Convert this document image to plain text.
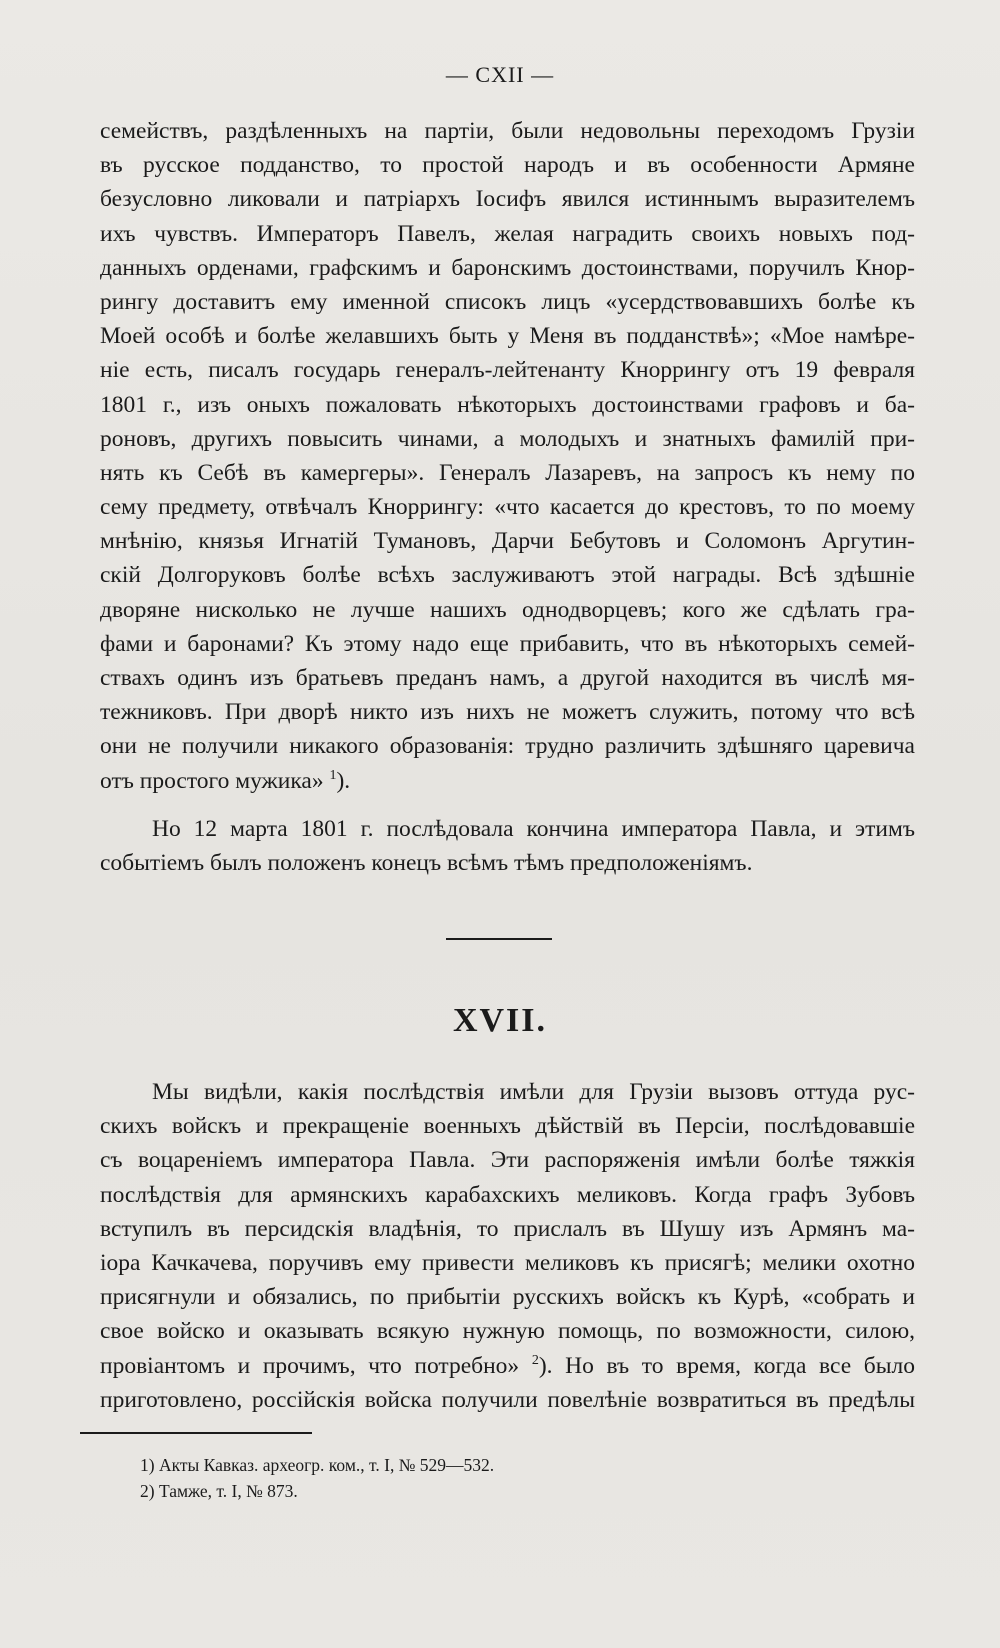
— CXII —
семействъ, раздѣленныхъ на партіи, были недовольны переходомъ Грузіи
въ русское подданство, то простой народъ и въ особенности Армяне
безусловно ликовали и патріархъ Іосифъ явился истиннымъ выразителемъ
ихъ чувствъ. Императоръ Павелъ, желая наградить своихъ новыхъ под-
данныхъ орденами, графскимъ и баронскимъ достоинствами, поручилъ Кнор-
рингу доставитъ ему именной списокъ лицъ «усердствовавшихъ болѣе къ
Моей особѣ и болѣе желавшихъ быть у Меня въ подданствѣ»; «Мое намѣре-
ніе есть, писалъ государь генералъ-лейтенанту Кноррингу отъ 19 февраля
1801 г., изъ оныхъ пожаловать нѣкоторыхъ достоинствами графовъ и ба-
роновъ, другихъ повысить чинами, а молодыхъ и знатныхъ фамилій при-
нять къ Себѣ въ камергеры». Генералъ Лазаревъ, на запросъ къ нему по
сему предмету, отвѣчалъ Кноррингу: «что касается до крестовъ, то по моему
мнѣнію, князья Игнатій Тумановъ, Дарчи Бебутовъ и Соломонъ Аргутин-
скій Долгоруковъ болѣе всѣхъ заслуживаютъ этой награды. Всѣ здѣшніе
дворяне нисколько не лучше нашихъ однодворцевъ; кого же сдѣлать гра-
фами и баронами? Къ этому надо еще прибавить, что въ нѣкоторыхъ семей-
ствахъ одинъ изъ братьевъ преданъ намъ, а другой находится въ числѣ мя-
тежниковъ. При дворѣ никто изъ нихъ не можетъ служить, потому что всѣ
они не получили никакого образованія: трудно различить здѣшняго царевича
отъ простого мужика» $^1$).
Но 12 марта 1801 г. послѣдовала кончина императора Павла, и этимъ
событіемъ былъ положенъ конецъ всѣмъ тѣмъ предположеніямъ.
XVII.
Мы видѣли, какія послѣдствія имѣли для Грузіи вызовъ оттуда рус-
скихъ войскъ и прекращеніе военныхъ дѣйствій въ Персіи, послѣдовавшіе
съ воцареніемъ императора Павла. Эти распоряженія имѣли болѣе тяжкія
послѣдствія для армянскихъ карабахскихъ меликовъ. Когда графъ Зубовъ
вступилъ въ персидскія владѣнія, то прислалъ въ Шушу изъ Армянъ ма-
іора Качкачева, поручивъ ему привести меликовъ къ присягѣ; мелики охотно
присягнули и обязались, по прибытіи русскихъ войскъ къ Курѣ, «собрать и
свое войско и оказывать всякую нужную помощь, по возможности, силою,
провіантомъ и прочимъ, что потребно» $^2$). Но въ то время, когда все было
приготовлено, россійскія войска получили повелѣніе возвратиться въ предѣлы
1) Акты Кавказ. археогр. ком., т. I, № 529—532.
2) Тамже, т. I, № 873.
